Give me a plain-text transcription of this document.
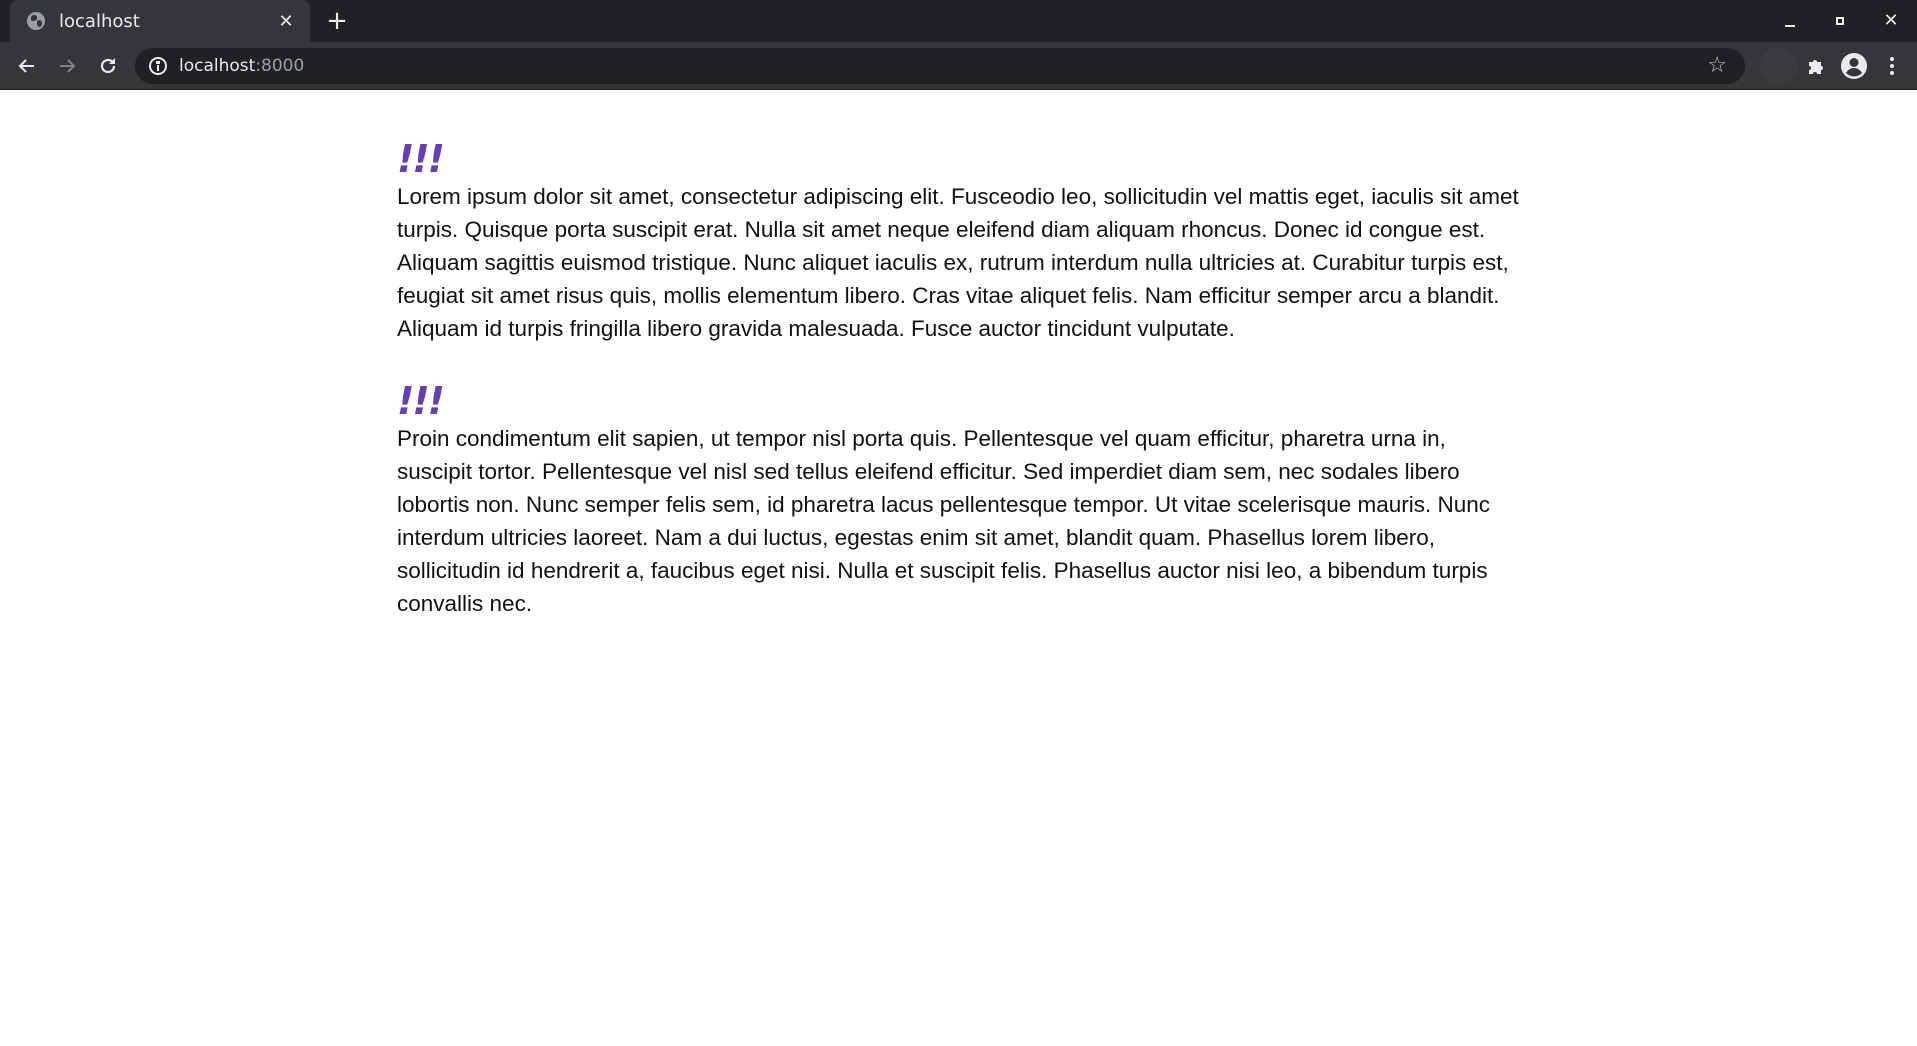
localhost	✕ +	✕
localhost:8000	☆
!!!

Lorem ipsum dolor sit amet, consectetur adipiscing elit. Fusceodio leo, sollicitudin vel mattis eget, iaculis sit amet turpis. Quisque porta suscipit erat. Nulla sit amet neque eleifend diam aliquam rhoncus. Donec id congue est. Aliquam sagittis euismod tristique. Nunc aliquet iaculis ex, rutrum interdum nulla ultricies at. Curabitur turpis est, feugiat sit amet risus quis, mollis elementum libero. Cras vitae aliquet felis. Nam efficitur semper arcu a blandit. Aliquam id turpis fringilla libero gravida malesuada. Fusce auctor tincidunt vulputate.

!!!

Proin condimentum elit sapien, ut tempor nisl porta quis. Pellentesque vel quam efficitur, pharetra urna in, suscipit tortor. Pellentesque vel nisl sed tellus eleifend efficitur. Sed imperdiet diam sem, nec sodales libero lobortis non. Nunc semper felis sem, id pharetra lacus pellentesque tempor. Ut vitae scelerisque mauris. Nunc interdum ultricies laoreet. Nam a dui luctus, egestas enim sit amet, blandit quam. Phasellus lorem libero, sollicitudin id hendrerit a, faucibus eget nisi. Nulla et suscipit felis. Phasellus auctor nisi leo, a bibendum turpis convallis nec.
